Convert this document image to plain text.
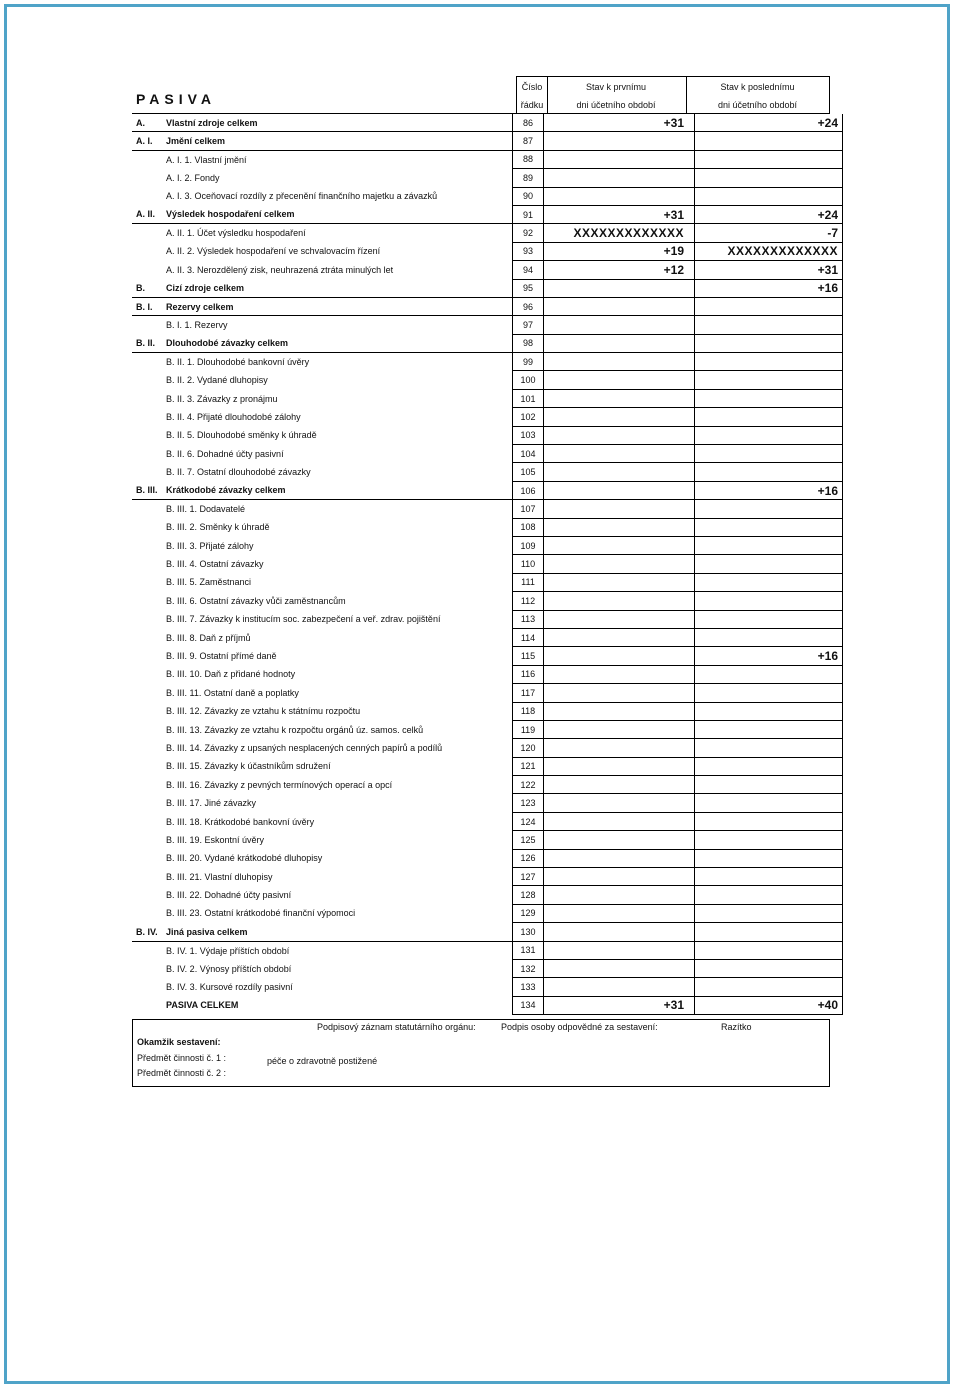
PASIVA
Číslo
řádku
Stav k prvnímu
dni účetního období
Stav k poslednímu
dni účetního období
A.	Vlastní zdroje celkem	86	+31	+24
A. I.	Jmění celkem	87		
	A. I. 1. Vlastní jmění	88		
	A. I. 2. Fondy	89		
	A. I. 3. Oceňovací rozdíly z přecenění finančního majetku a závazků	90		
A. II.	Výsledek hospodaření celkem	91	+31	+24
	A. II. 1. Účet výsledku hospodaření	92	XXXXXXXXXXXXX	-7
	A. II. 2. Výsledek hospodaření ve schvalovacím řízení	93	+19	XXXXXXXXXXXXX
	A. II. 3. Nerozdělený zisk, neuhrazená ztráta minulých let	94	+12	+31
B.	Cizí zdroje celkem	95		+16
B. I.	Rezervy celkem	96		
	B. I. 1. Rezervy	97		
B. II.	Dlouhodobé závazky celkem	98		
	B. II. 1. Dlouhodobé bankovní úvěry	99		
	B. II. 2. Vydané dluhopisy	100		
	B. II. 3. Závazky z pronájmu	101		
	B. II. 4. Přijaté dlouhodobé zálohy	102		
	B. II. 5. Dlouhodobé směnky k úhradě	103		
	B. II. 6. Dohadné účty pasivní	104		
	B. II. 7. Ostatní dlouhodobé závazky	105		
B. III.	Krátkodobé závazky celkem	106		+16
	B. III. 1. Dodavatelé	107		
	B. III. 2. Směnky k úhradě	108		
	B. III. 3. Přijaté zálohy	109		
	B. III. 4. Ostatní závazky	110		
	B. III. 5. Zaměstnanci	111		
	B. III. 6. Ostatní závazky vůči zaměstnancům	112		
	B. III. 7. Závazky k institucím soc. zabezpečení a veř. zdrav. pojištění	113		
	B. III. 8. Daň z příjmů	114		
	B. III. 9. Ostatní přímé daně	115		+16
	B. III. 10. Daň z přidané hodnoty	116		
	B. III. 11. Ostatní daně a poplatky	117		
	B. III. 12. Závazky ze vztahu k státnímu rozpočtu	118		
	B. III. 13. Závazky ze vztahu k rozpočtu orgánů úz. samos. celků	119		
	B. III. 14. Závazky z upsaných nesplacených cenných papírů a podílů	120		
	B. III. 15. Závazky k účastníkům sdružení	121		
	B. III. 16. Závazky z pevných termínových operací a opcí	122		
	B. III. 17. Jiné závazky	123		
	B. III. 18. Krátkodobé bankovní úvěry	124		
	B. III. 19. Eskontní úvěry	125		
	B. III. 20. Vydané krátkodobé dluhopisy	126		
	B. III. 21. Vlastní dluhopisy	127		
	B. III. 22. Dohadné účty pasivní	128		
	B. III. 23. Ostatní krátkodobé finanční výpomoci	129		
B. IV.	Jiná pasiva celkem	130		
	B. IV. 1. Výdaje příštích období	131		
	B. IV. 2. Výnosy příštích období	132		
	B. IV. 3. Kursové rozdíly pasivní	133		
	PASIVA CELKEM	134	+31	+40
Podpisový záznam statutárního orgánu:	Podpis osoby odpovědné za sestavení:	Razítko
Okamžik sestavení:
Předmět činnosti č. 1 :	péče o zdravotně postižené
Předmět činnosti č. 2 :
